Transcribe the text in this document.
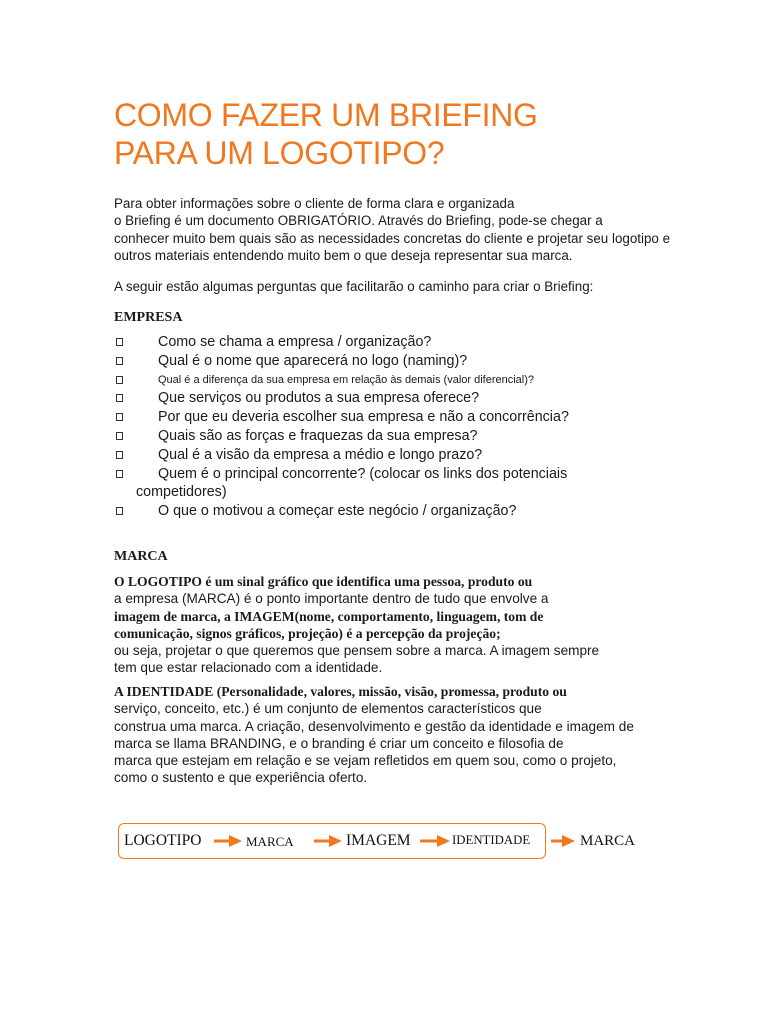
COMO FAZER UM BRIEFING
PARA UM LOGOTIPO?
Para obter informações sobre o cliente de forma clara e organizada
o Briefing é um documento OBRIGATÓRIO. Através do Briefing, pode-se chegar a
conhecer muito bem quais são as necessidades concretas do cliente e projetar seu logotipo e
outros materiais entendendo muito bem o que deseja representar sua marca.
A seguir estão algumas perguntas que facilitarão o caminho para criar o Briefing:
EMPRESA
Como se chama a empresa / organização?
Qual é o nome que aparecerá no logo (naming)?
Qual é a diferença da sua empresa em relação às demais (valor diferencial)?
Que serviços ou produtos a sua empresa oferece?
Por que eu deveria escolher sua empresa e não a concorrência?
Quais são as forças e fraquezas da sua empresa?
Qual é a visão da empresa a médio e longo prazo?
Quem é o principal concorrente? (colocar os links dos potenciais competidores)
O que o motivou a começar este negócio / organização?
MARCA
O LOGOTIPO é um sinal gráfico que identifica uma pessoa, produto ou
a empresa (MARCA) é o ponto importante dentro de tudo que envolve a
imagem de marca, a IMAGEM(nome, comportamento, linguagem, tom de
comunicação, signos gráficos, projeção) é a percepção da projeção;
ou seja, projetar o que queremos que pensem sobre a marca. A imagem sempre
tem que estar relacionado com a identidade.
A IDENTIDADE (Personalidade, valores, missão, visão, promessa, produto ou
serviço, conceito, etc.) é um conjunto de elementos característicos que
construa uma marca. A criação, desenvolvimento e gestão da identidade e imagem de
marca se llama BRANDING, e o branding é criar um conceito e filosofia de
marca que estejam em relação e se vejam refletidos em quem sou, como o projeto,
como o sustento e que experiência oferto.
LOGOTIPO	MARCA	IMAGEM	IDENTIDADE	MARCA
